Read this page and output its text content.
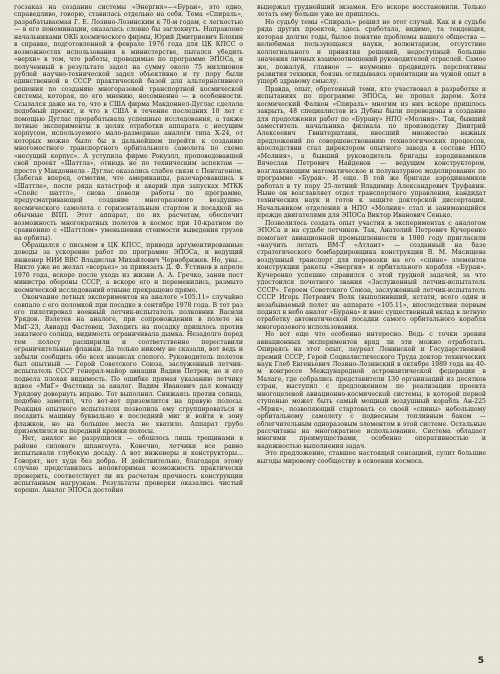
госзаказ на создание системы «Энергия»—«Буран», это одно, справедливо, говорю, ставилась отдельно на себя. Тема «Спираль», разрабатываемая Г. Е. Лозино-Лозинским к 70-м годам, с легкостью — в его пономинации, оказалась словно бы заглохнуть. Направлено начальниками ОКБ космического фирмы, Юрий Дмитриевич Блохин в справке, подготовленной в феврале 1976 года для ЦК КПСС о возможностях использования в министерстве, пытался убедить «верхи» в том, что работы, проводимые по программе ЭПОСа, и полученный в результате задел на сумму около 75 миллионов рублей научно-технической задел объективно и ту пору были единственной в СССР практической базой для альтернативного решения по созданию многоразовой транспортной космической системы, которая, по его мнению, несомненно — в особенности. Ссылался даже на то, что в США фирма Макдоннел-Дуглас сделала подобный проект, и что в США в течение последних 10 лет с помощью Дуглас прорабатывала успешные исследования, а также летные эксперименты в целях отработки аппарата с несущим корпусом, используемого мало-размерные аналоги типа Х-24, от которых можно было бы в дальнейшем перейти к созданию многоместного транспортного орбитального самолета по схеме «несущий корпус». А уступила фирме Рокуэлл, проповедовавшей свой проект «Шаттла», отнюдь не по техническим аспектам — просто у Макдоннела - Дуглас оказались слабее связи с Пентагоном. (Забегая вперед, отметим, что американцы, разочаровавшись в «Шаттле», после ряда катастроф и аварий при запусках МТКК «Спейс шаттл», снова повели работы по программе, предусматривающей создание многоразового воздушно-космического самолета с горизонтальным стартом и посадкой на обычные ВПП. Этот аппарат, по их расчетам, обеспечит возможность многократных полетов в космос при 10-кратном по сравнению с «Шаттлом» уменьшении стоимости выведения грузов на орбиты).

Обращался с письмом в ЦК КПСС, приводя аргументированные доводы за ускорение работ по программе ЭПОСа, и ведущий инженер НИИ ВВС Владислав Михайлович Чернобрижев. Но, увы... Никто уже не желал «всерьез» за привязать Д. Ф. Устинов в апреле 1976 года, вскоре после ухода из жизни А. А. Гречко, заняв пост министра обороны СССР, а вскоре его и переменились, размыто космической исследований отныне прекращено прямо.

Окончание летных экспериментов на аналоге «105.11» случайно совпало с его поломкой при посадке в сентябре 1978 года. В тот раз его пилотировал военный летчик-испытатель полковник Васили Урядов. Взлетев на аналоге, при сопровождении в полете на МиГ-23, Авиард Фастовец. Заходить на посадку пришлось против закатного солнца, видимость ограничивала дымка. Незадолго перед тем полосу расширили и соответственно переставили ограничительные флажки. Да только никому не сказали, вот ведь и забыли сообщить обо всех нюансах слепого. Руководитель полетов был опытный — Герой Советского Союза, заслуженный летчик-испытатель СССР генерал-майор авиации Вадим Петров, но и его подвела плохая видимость. По ошибке прямая указанию летчику вдвое «МиГ» Фастовца за аналог. Вадим Иванович дал команду Урядову довернуть вправо. Тот выполнил. Снижаясь против солнца, подобно заметил, что вот-вот приземлится на правую полосы. Реакция опытного испытателя позволила ему сгруппироваться и посадить машину буквально в последний миг и войти в зону флажков, но на большее места не хватило. Аппарат грубо приземлился на передний кромки полосы.

Нет, аналог не разрушился — обошлось лишь трещинами в районе силового шпангоута. Конечно, летчики все равно испытывали глубокую досаду. А вот инженеры и конструкторы... Говорят, нет худа без добра. И действительно, благодаря этому случаю представилась неповторимая возможность практически проверить, соответствует ли их расчетам прочность конструкции испытанным нагрузкам. Результаты проверки оказались чистый хорошо. Аналог ЭПОСа достойно

выдержал труднейший экзамен. Его вскоре восстановили. Только летать ему больше уже не пришлось.

Но судьбу темы «Спираль» решил не этот случай. Как и в судьбе ряда других проектов, здесь сработала, видимо, та тенденция, которая долгие годы, былое понятие проблемы нашего общества — нелюбимая пользующаяся науки, волюнтаризм, отсутствие коллегиального и принятия решений, недоступный большие значения личных взаимоотношений руководителей отраслей. Самое же, пожалуй, главное — неумение предвидеть перспективы развития техники, боязнь оглядываясь ориентации на чужой опыт в ущерб здравому смыслу.

Правда, опыт, обретенный теми, кто участвовал в разработке и испытаниях по программе ЭПОСа, не пропал даром. Хотя космический Фалкон «Спираль» многим из них вскоре пришлось закрыть, 48 специалистов из Дубны были переведены в создание для продолжения работ по «Бурану» НПО «Молния». Так, бывший заместитель начальника филиала по производству Дмитрий Алексеевич Гвинтерштаин, внесший множество важных предложений по совершенствованию технологических процессов, впоследствии стал директором опытного завода в составе НПО «Молния», а бывший руководитель бригады аэродинамиков Вячеслав Петрович Найденов — ведущим конструктором, возглавляющим математическое и полунатурное моделирование по программе «Буран». И еще. В той же бригаде аэродинамиков работал в ту пору 25-летний Владимир Александрович Труфакин. Ныне он возглавляет отдел транспортного управления, кандидат технических наук и готов к защите докторской диссертации. Начальником отделения в НПО «Молния» стал и занимающийся прежде двигателями для ЭПОСа Виктор Иванович Сенько.

Позволилось создать опыт участия в экспериментах с аналогом ЭПОСа и на судьбе летчиков. Так, Анатолий Петрович Кучеренко помогает авиационной промышленности в 1980 году пригласили «научить летать ВМ-Т «Атлант» — созданный на базе стратегического бомбардировщика конструкции В. М. Мясищева воздушный транспорт для перевозки на его «спине» элементов конструкции ракеты «Энергия» и орбитального корабля «Буран». Кучеренко успешно справился с этой трудной задачей, за что удостоился почетного звания «Заслуженный летчик-испытатель СССР». Героем Советского Союза, заслуженный летчик-испытатель СССР Игорь Петрович Волк (выполнивший, кстати, всего один и незабываемый полет на аппарате «105.11», впоследствии первым поднял в небо аналог «Бурана» и внес существенный вклад в летную отработку автоматической посадки самого орбитального корабля многоразового использования.

Но вот еще что особенно интересно. Ведь с точки зрения авиационных экспериментов вряд ли эти можно отработать. Опираясь на этот опыт, лауреат Ленинской и Государственной премий СССР, Герой Социалистического Труда доктор технических наук Глеб Евгеньевич Лозино-Лозинский в октябре 1989 года на 40-м конгрессе Международной астронавтической федерации в Малаге, где собрались представители 130 организаций из десятков стран, выступил с предложением по реализации проекта многоцелевой авиационно-космической системы, в которой первой ступенью может быть самый мощный воздушный корабль Ан-225 «Мрия», позволяющий стартовать со своей «спины» небольшому орбитальному самолету с подвесным топливным баком — облегчительным одноразовым элементом в этой системе. Остальные рассчитаны на многократное использование. Система обладает многими преимуществами, особенно оперативностью и надежностью выполнения задач.

Это предложение, ставшее настоящей сенсацией, сулит большие выгоды мировому сообществу в освоении космоса.

5
